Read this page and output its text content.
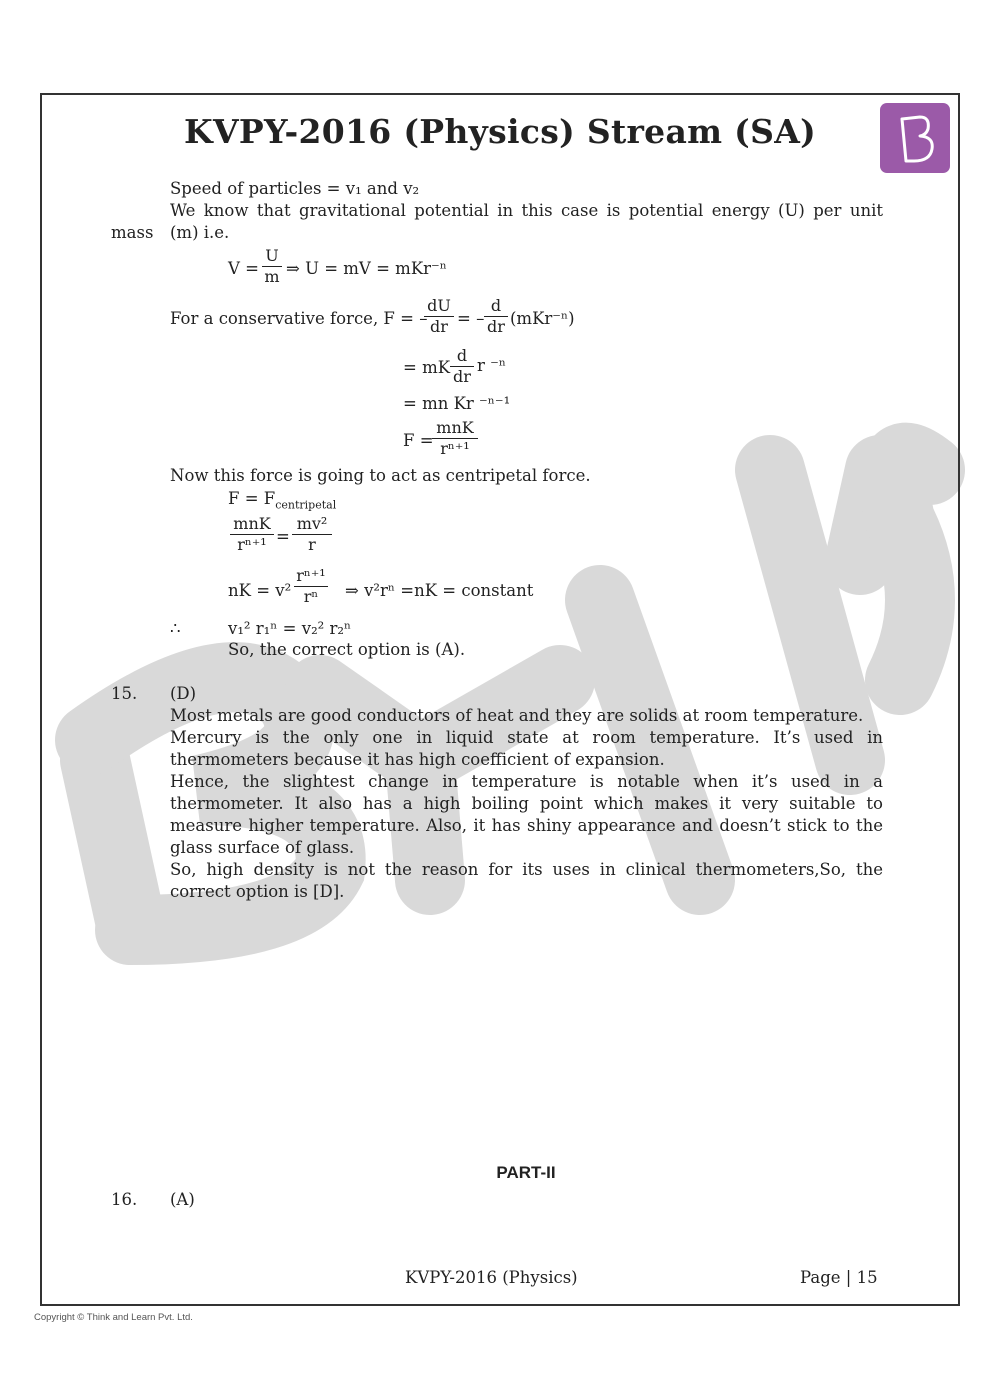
KVPY-2016 (Physics) Stream (SA)
Speed of particles = v₁ and v₂
We know that gravitational potential in this case is potential energy (U) per unit
mass (m) i.e.
$V = \frac{U}{m}$ ⇒ U = mV = mKr⁻ⁿ
For a conservative force, F = –
$\frac{dU}{dr}$ = – $\frac{d}{dr} (mKr^{-n})$
= mK $\frac{d}{dr}$ r ⁻ⁿ
= mn Kr ⁻ⁿ⁻¹
F =
mnK
rⁿ⁺¹
Now this force is going to act as centripetal force.
$F = F_{centripetal}$
mnK
$r^{n+1} = \frac{\text{mv²}}{r}$
nK = $v^2 \frac{\text{rⁿ⁺¹}}{\text{rⁿ}}$ ⇒ v²rⁿ =nK = constant
∴	v₁² r₁ⁿ = v₂² r₂ⁿ
So, the correct option is (A).
15. (D)
Most metals are good conductors of heat and they are solids at room temperature.
Mercury is the only one in liquid state at room temperature. It’s used in thermometers because it has high coefficient of expansion.
Hence, the slightest change in temperature is notable when it’s used in a thermometer. It also has a high boiling point which makes it very suitable to measure higher temperature. Also, it has shiny appearance and doesn’t stick to the glass surface of glass.
So, high density is not the reason for its uses in clinical thermometers,So, the correct option is [D].
PART-II
16. (A)
KVPY-2016 (Physics)	Page | 15
Copyright © Think and Learn Pvt. Ltd.
